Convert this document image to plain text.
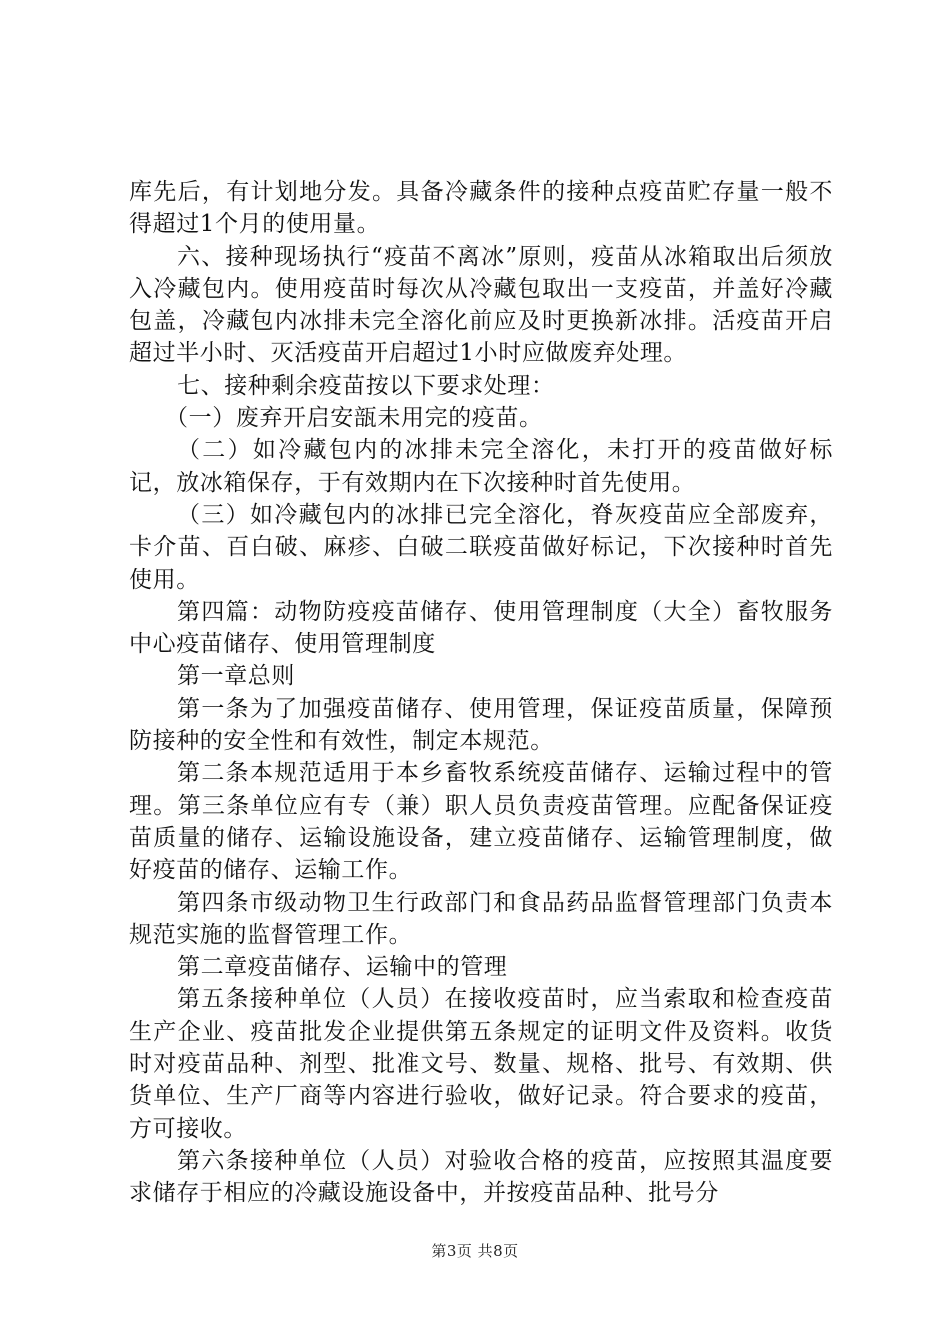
库先后，有计划地分发。具备冷藏条件的接种点疫苗贮存量一般不得超过1个月的使用量。

六、接种现场执行“疫苗不离冰”原则，疫苗从冰箱取出后须放入冷藏包内。使用疫苗时每次从冷藏包取出一支疫苗，并盖好冷藏包盖，冷藏包内冰排未完全溶化前应及时更换新冰排。活疫苗开启超过半小时、灭活疫苗开启超过1小时应做废弃处理。

七、接种剩余疫苗按以下要求处理：

（一）废弃开启安瓿未用完的疫苗。

（二）如冷藏包内的冰排未完全溶化，未打开的疫苗做好标记，放冰箱保存，于有效期内在下次接种时首先使用。

（三）如冷藏包内的冰排已完全溶化，脊灰疫苗应全部废弃，卡介苗、百白破、麻疹、白破二联疫苗做好标记，下次接种时首先使用。

第四篇：动物防疫疫苗储存、使用管理制度（大全）畜牧服务中心疫苗储存、使用管理制度

第一章总则

第一条为了加强疫苗储存、使用管理，保证疫苗质量，保障预防接种的安全性和有效性，制定本规范。

第二条本规范适用于本乡畜牧系统疫苗储存、运输过程中的管理。第三条单位应有专（兼）职人员负责疫苗管理。应配备保证疫苗质量的储存、运输设施设备，建立疫苗储存、运输管理制度，做好疫苗的储存、运输工作。

第四条市级动物卫生行政部门和食品药品监督管理部门负责本规范实施的监督管理工作。

第二章疫苗储存、运输中的管理

第五条接种单位（人员）在接收疫苗时，应当索取和检查疫苗生产企业、疫苗批发企业提供第五条规定的证明文件及资料。收货时对疫苗品种、剂型、批准文号、数量、规格、批号、有效期、供货单位、生产厂商等内容进行验收，做好记录。符合要求的疫苗，方可接收。

第六条接种单位（人员）对验收合格的疫苗，应按照其温度要求储存于相应的冷藏设施设备中，并按疫苗品种、批号分

第3页 共8页
